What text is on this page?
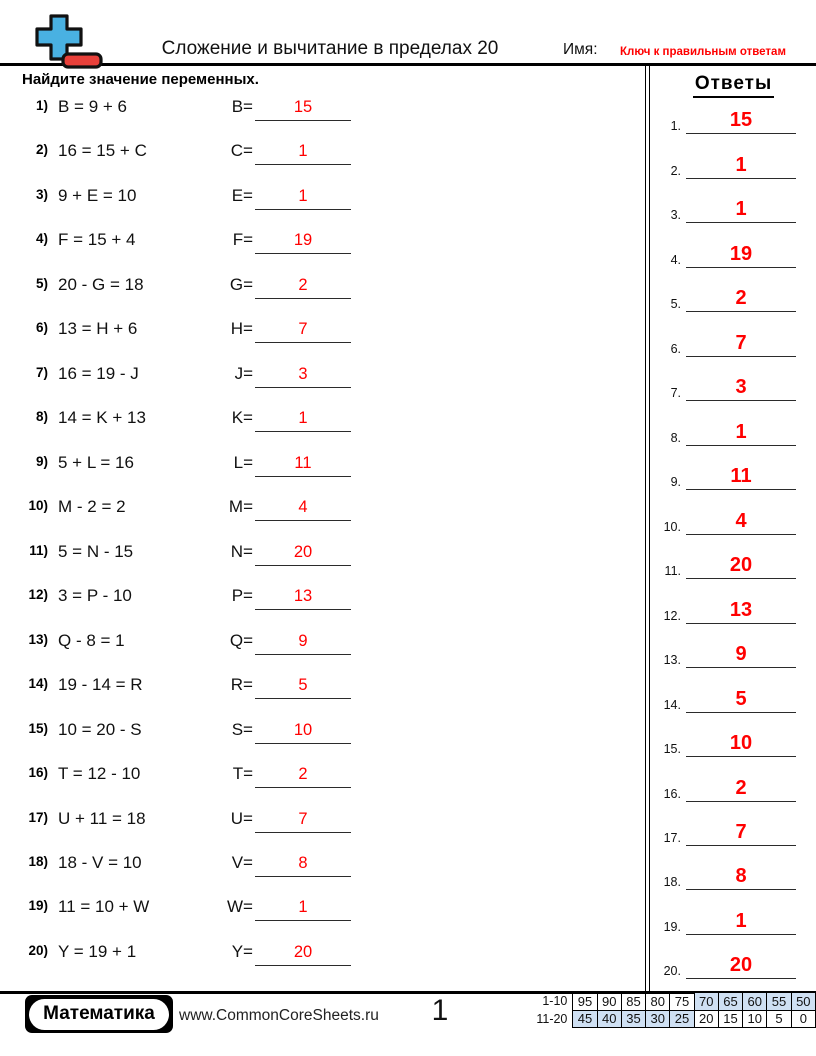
Сложение и вычитание в пределах 20	Имя: Ключ к правильным ответам
Найдите значение переменных.
1) B = 9 + 6	B=	15
2) 16 = 15 + C	C=	1
3) 9 + E = 10	E=	1
4) F = 15 + 4	F=	19
5) 20 - G = 18	G=	2
6) 13 = H + 6	H=	7
7) 16 = 19 - J	J=	3
8) 14 = K + 13	K=	1
9) 5 + L = 16	L=	11
10) M - 2 = 2	M=	4
11) 5 = N - 15	N=	20
12) 3 = P - 10	P=	13
13) Q - 8 = 1	Q=	9
14) 19 - 14 = R	R=	5
15) 10 = 20 - S	S=	10
16) T = 12 - 10	T=	2
17) U + 11 = 18	U=	7
18) 18 - V = 10	V=	8
19) 11 = 10 + W	W=	1
20) Y = 19 + 1	Y=	20
Ответы
1.	15
2.	1
3.	1
4.	19
5.	2
6.	7
7.	3
8.	1
9.	11
10.	4
11.	20
12.	13
13.	9
14.	5
15.	10
16.	2
17.	7
18.	8
19.	1
20.	20
Математика	www.CommonCoreSheets.ru	1	1-10	95	90	85	80	75	70	65	60	55	50
11-20	45	40	35	30	25	20	15	10	5	0
